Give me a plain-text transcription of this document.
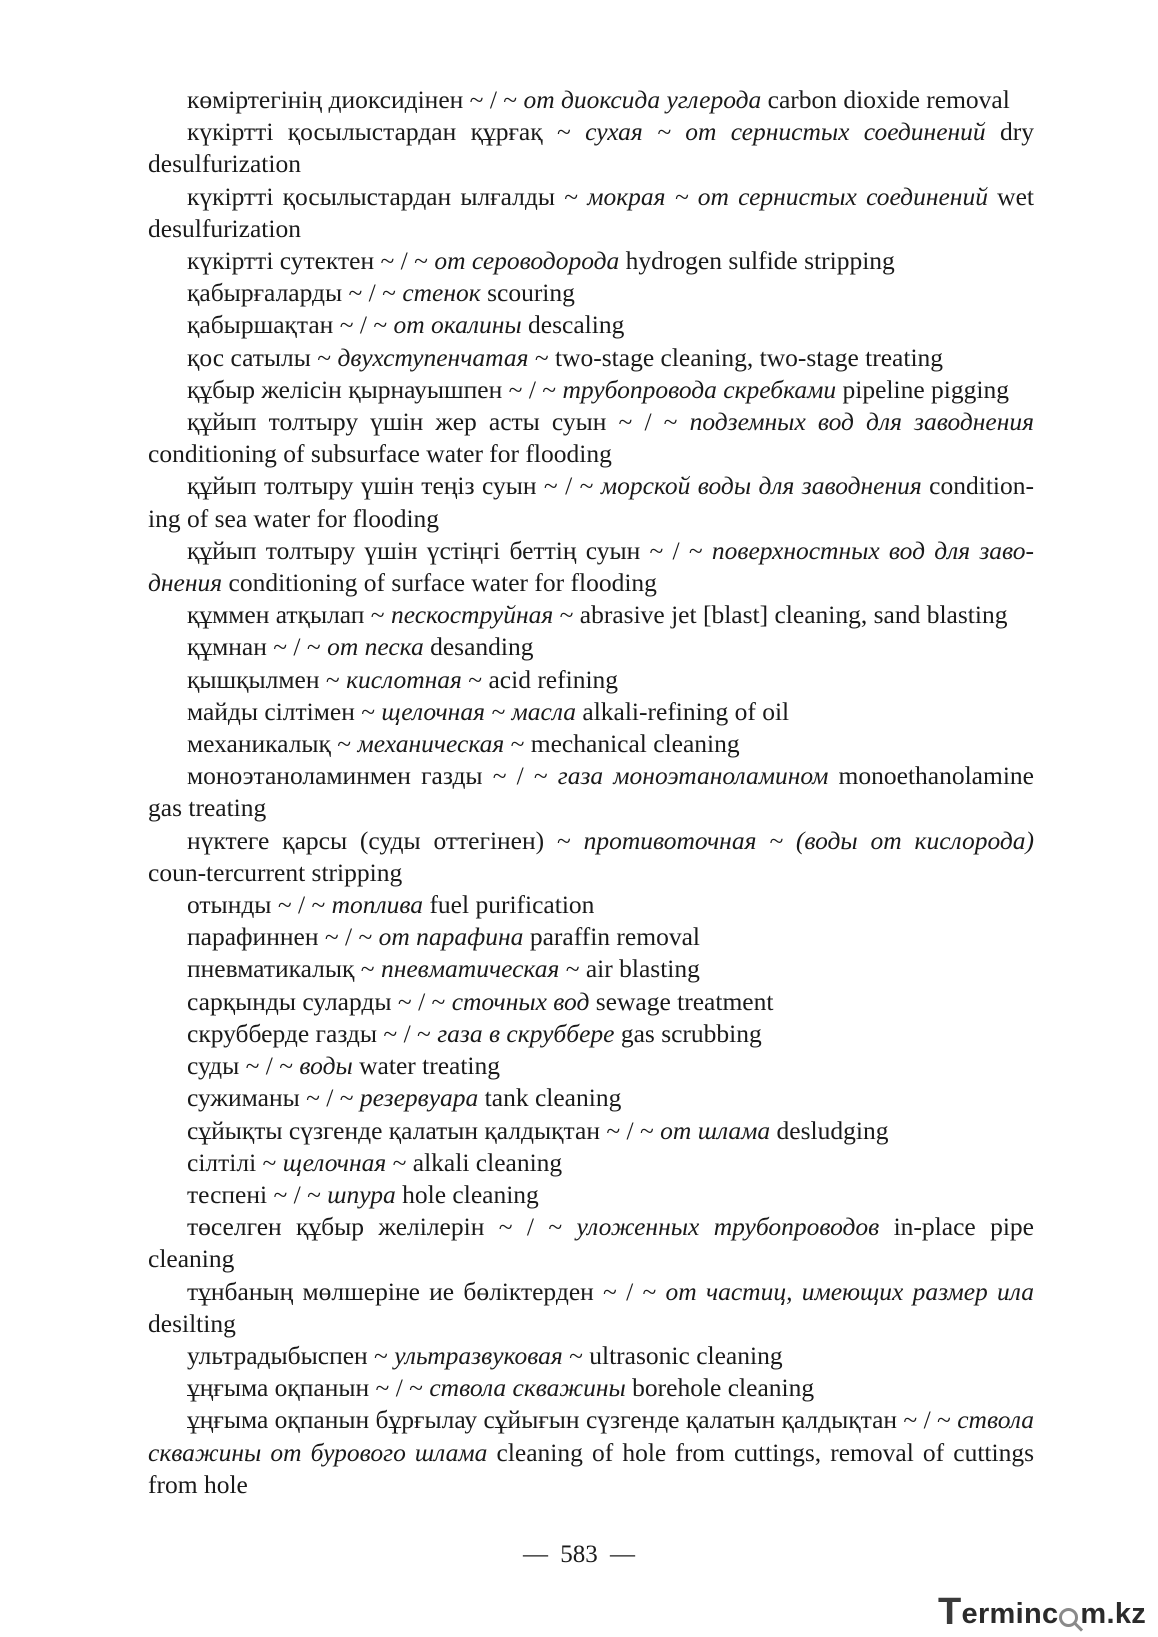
көміртегінің диоксидінен ~ / ~ от диоксида углерода carbon dioxide removal

күкіртті қосылыстардан құрғақ ~ сухая ~ от сернистых соединений dry desulfurization

күкіртті қосылыстардан ылғалды ~ мокрая ~ от сернистых соединений wet desulfurization

күкіртті сутектен ~ / ~ от сероводорода hydrogen sulfide stripping

қабырғаларды ~ / ~ стенок scouring

қабыршақтан ~ / ~ от окалины descaling

қос сатылы ~ двухступенчатая ~ two-stage cleaning, two-stage treating

құбыр желісін қырнауышпен ~ / ~ трубопровода скребками pipeline pigging

құйып толтыру үшін жер асты суын ~ / ~ подземных вод для заводнения conditioning of subsurface water for flooding

құйып толтыру үшін теңіз суын ~ / ~ морской воды для заводнения conditioning of sea water for flooding

құйып толтыру үшін үстіңгі беттің суын ~ / ~ поверхностных вод для заводнения conditioning of surface water for flooding

құммен атқылап ~ пескоструйная ~ abrasive jet [blast] cleaning, sand blasting

құмнан ~ / ~ от песка desanding

қышқылмен ~ кислотная ~ acid refining

майды сілтімен ~ щелочная ~ масла alkali-refining of oil

механикалық ~ механическая ~ mechanical cleaning

моноэтаноламинмен газды ~ / ~ газа моноэтаноламином monoethanolamine gas treating

нүктеге қарсы (суды оттегінен) ~ противоточная ~ (воды от кислорода) coun-tercurrent stripping

отынды ~ / ~ топлива fuel purification

парафиннен ~ / ~ от парафина paraffin removal

пневматикалық ~ пневматическая ~ air blasting

сарқынды суларды ~ / ~ сточных вод sewage treatment

скрубберде газды ~ / ~ газа в скруббере gas scrubbing

суды ~ / ~ воды water treating

сужиманы ~ / ~ резервуара tank cleaning

сұйықты сүзгенде қалатын қалдықтан ~ / ~ от шлама desludging

сілтілі ~ щелочная ~ alkali cleaning

теспені ~ / ~ шпура hole cleaning

төселген құбыр желілерін ~ / ~ уложенных трубопроводов in-place pipe cleaning

тұнбаның мөлшеріне ие бөліктерден ~ / ~ от частиц, имеющих размер ила desilting

ультрадыбыспен ~ ультразвуковая ~ ultrasonic cleaning

ұңғыма оқпанын ~ / ~ ствола скважины borehole cleaning

ұңғыма оқпанын бұрғылау сұйығын сүзгенде қалатын қалдықтан ~ / ~ ствола скважины от бурового шлама cleaning of hole from cuttings, removal of cuttings from hole

— 583 —
T erminc m.kz
